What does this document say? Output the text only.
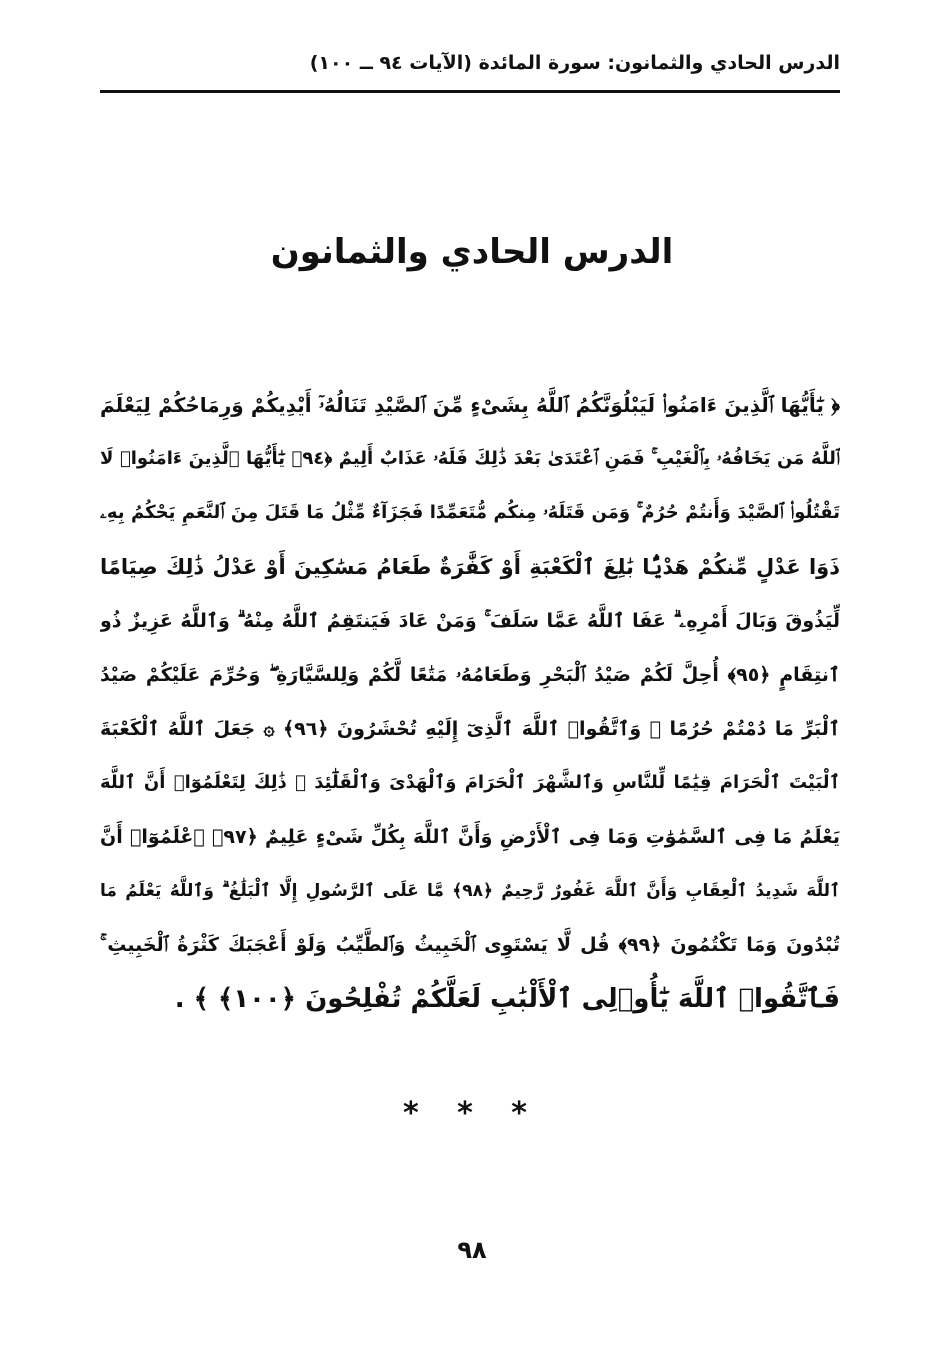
الدرس الحادي والثمانون: سورة المائدة (الآيات ٩٤ ــ ١٠٠)
الدرس الحادي والثمانون
﴿ يَٰٓأَيُّهَا ٱلَّذِينَ ءَامَنُوا۟ لَيَبْلُوَنَّكُمُ ٱللَّهُ بِشَىْءٍ مِّنَ ٱلصَّيْدِ تَنَالُهُۥٓ أَيْدِيكُمْ وَرِمَاحُكُمْ لِيَعْلَمَ
ٱللَّهُ مَن يَخَافُهُۥ بِٱلْغَيْبِ ۚ فَمَنِ ٱعْتَدَىٰ بَعْدَ ذَٰلِكَ فَلَهُۥ عَذَابٌ أَلِيمٌ ﴿٩٤﴾ يَٰٓأَيُّهَا ٱلَّذِينَ ءَامَنُوا۟ لَا
تَقْتُلُوا۟ ٱلصَّيْدَ وَأَنتُمْ حُرُمٌ ۚ وَمَن قَتَلَهُۥ مِنكُم مُّتَعَمِّدًا فَجَزَآءٌ مِّثْلُ مَا قَتَلَ مِنَ ٱلنَّعَمِ يَحْكُمُ بِهِۦ
ذَوَا عَدْلٍ مِّنكُمْ هَدْيًۢا بَٰلِغَ ٱلْكَعْبَةِ أَوْ كَفَّٰرَةٌ طَعَامُ مَسَٰكِينَ أَوْ عَدْلُ ذَٰلِكَ صِيَامًا
لِّيَذُوقَ وَبَالَ أَمْرِهِۦ ۗ عَفَا ٱللَّهُ عَمَّا سَلَفَ ۚ وَمَنْ عَادَ فَيَنتَقِمُ ٱللَّهُ مِنْهُ ۗ وَٱللَّهُ عَزِيزٌ ذُو
ٱنتِقَامٍ ﴿٩٥﴾ أُحِلَّ لَكُمْ صَيْدُ ٱلْبَحْرِ وَطَعَامُهُۥ مَتَٰعًا لَّكُمْ وَلِلسَّيَّارَةِ ۖ وَحُرِّمَ عَلَيْكُمْ صَيْدُ
ٱلْبَرِّ مَا دُمْتُمْ حُرُمًا ۗ وَٱتَّقُوا۟ ٱللَّهَ ٱلَّذِىٓ إِلَيْهِ تُحْشَرُونَ ﴿٩٦﴾ ۞ جَعَلَ ٱللَّهُ ٱلْكَعْبَةَ
ٱلْبَيْتَ ٱلْحَرَامَ قِيَٰمًا لِّلنَّاسِ وَٱلشَّهْرَ ٱلْحَرَامَ وَٱلْهَدْىَ وَٱلْقَلَٰٓئِدَ ۚ ذَٰلِكَ لِتَعْلَمُوٓا۟ أَنَّ ٱللَّهَ
يَعْلَمُ مَا فِى ٱلسَّمَٰوَٰتِ وَمَا فِى ٱلْأَرْضِ وَأَنَّ ٱللَّهَ بِكُلِّ شَىْءٍ عَلِيمٌ ﴿٩٧﴾ ٱعْلَمُوٓا۟ أَنَّ
ٱللَّهَ شَدِيدُ ٱلْعِقَابِ وَأَنَّ ٱللَّهَ غَفُورٌ رَّحِيمٌ ﴿٩٨﴾ مَّا عَلَى ٱلرَّسُولِ إِلَّا ٱلْبَلَٰغُ ۗ وَٱللَّهُ يَعْلَمُ مَا
تُبْدُونَ وَمَا تَكْتُمُونَ ﴿٩٩﴾ قُل لَّا يَسْتَوِى ٱلْخَبِيثُ وَٱلطَّيِّبُ وَلَوْ أَعْجَبَكَ كَثْرَةُ ٱلْخَبِيثِ ۚ
فَٱتَّقُوا۟ ٱللَّهَ يَٰٓأُو۟لِى ٱلْأَلْبَٰبِ لَعَلَّكُمْ تُفْلِحُونَ ﴿١٠٠﴾ ﴾ .
* * *
٩٨
